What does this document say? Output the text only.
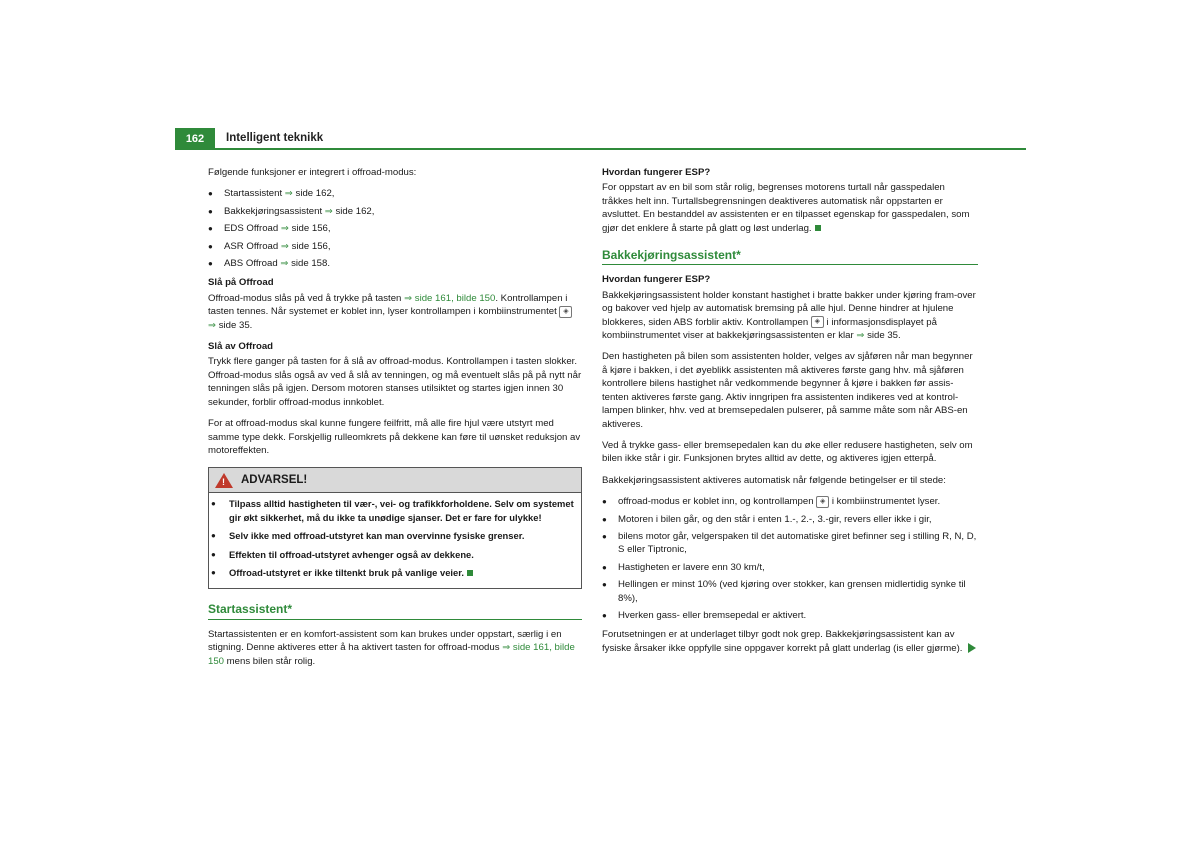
162	Intelligent teknikk

Følgende funksjoner er integrert i offroad-modus:

● Startassistent ⇒ side 162,
● Bakkekjøringsassistent ⇒ side 162,
● EDS Offroad ⇒ side 156,
● ASR Offroad ⇒ side 156,
● ABS Offroad ⇒ side 158.

Slå på Offroad

Offroad-modus slås på ved å trykke på tasten ⇒ side 161, bilde 150. Kontrollampen i tasten tennes. Når systemet er koblet inn, lyser kontrollampen i kombiinstrumentet ◈
⇒ side 35.

Slå av Offroad

Trykk flere ganger på tasten for å slå av offroad-modus. Kontrollampen i tasten slokker. Offroad-modus slås også av ved å slå av tenningen, og må eventuelt slås på på nytt når tenningen slås på igjen. Dersom motoren stanses utilsiktet og startes igjen innen 30 sekunder, forblir offroad-modus innkoblet.

For at offroad-modus skal kunne fungere feilfritt, må alle fire hjul være utstyrt med samme type dekk. Forskjellig rulleomkrets på dekkene kan føre til uønsket reduksjon av motoreffekten.

! ADVARSEL!
● Tilpass alltid hastigheten til vær-, vei- og trafikkforholdene. Selv om systemet gir økt sikkerhet, må du ikke ta unødige sjanser. Det er fare for ulykke!
● Selv ikke med offroad-utstyret kan man overvinne fysiske grenser.
● Effekten til offroad-utstyret avhenger også av dekkene.
● Offroad-utstyret er ikke tiltenkt bruk på vanlige veier.
Startassistent*

Startassistenten er en komfort-assistent som kan brukes under oppstart, særlig i en stigning. Denne aktiveres etter å ha aktivert tasten for offroad-modus ⇒ side 161, bilde 150 mens bilen står rolig.

Hvordan fungerer ESP?

For oppstart av en bil som står rolig, begrenses motorens turtall når gasspedalen tråkkes helt inn. Turtallsbegrensningen deaktiveres automatisk når oppstarten er avsluttet. En bestanddel av assistenten er en tilpasset egenskap for gasspedalen, som gjør det enklere å starte på glatt og løst underlag.

Bakkekjøringsassistent*

Hvordan fungerer ESP?

Bakkekjøringsassistent holder konstant hastighet i bratte bakker under kjøring fram-over og bakover ved hjelp av automatisk bremsing på alle hjul. Denne hindrer at hjulene blokkeres, siden ABS forblir aktiv. Kontrollampen ◈ i informasjonsdisplayet på kombiinstrumentet viser at bakkekjøringsassistenten er klar ⇒ side 35.

Den hastigheten på bilen som assistenten holder, velges av sjåføren når man begynner å kjøre i bakken, i det øyeblikk assistenten må aktiveres første gang hhv. må sjåføren kontrollere bilens hastighet når vedkommende begynner å kjøre i bakken før assis-tenten aktiveres første gang. Aktiv inngripen fra assistenten indikeres ved at kontrol-lampen blinker, hhv. ved at bremsepedalen pulserer, på samme måte som når ABS-en aktiveres.

Ved å trykke gass- eller bremsepedalen kan du øke eller redusere hastigheten, selv om bilen ikke står i gir. Funksjonen brytes alltid av dette, og aktiveres igjen etterpå.

Bakkekjøringsassistent aktiveres automatisk når følgende betingelser er til stede:

● offroad-modus er koblet inn, og kontrollampen ◈ i kombiinstrumentet lyser.
● Motoren i bilen går, og den står i enten 1.-, 2.-, 3.-gir, revers eller ikke i gir,
● bilens motor går, velgerspaken til det automatiske giret befinner seg i stilling R, N, D, S eller Tiptronic,
● Hastigheten er lavere enn 30 km/t,
● Hellingen er minst 10% (ved kjøring over stokker, kan grensen midlertidig synke til 8%),
● Hverken gass- eller bremsepedal er aktivert.

Forutsetningen er at underlaget tilbyr godt nok grep. Bakkekjøringsassistent kan av fysiske årsaker ikke oppfylle sine oppgaver korrekt på glatt underlag (is eller gjørme).
